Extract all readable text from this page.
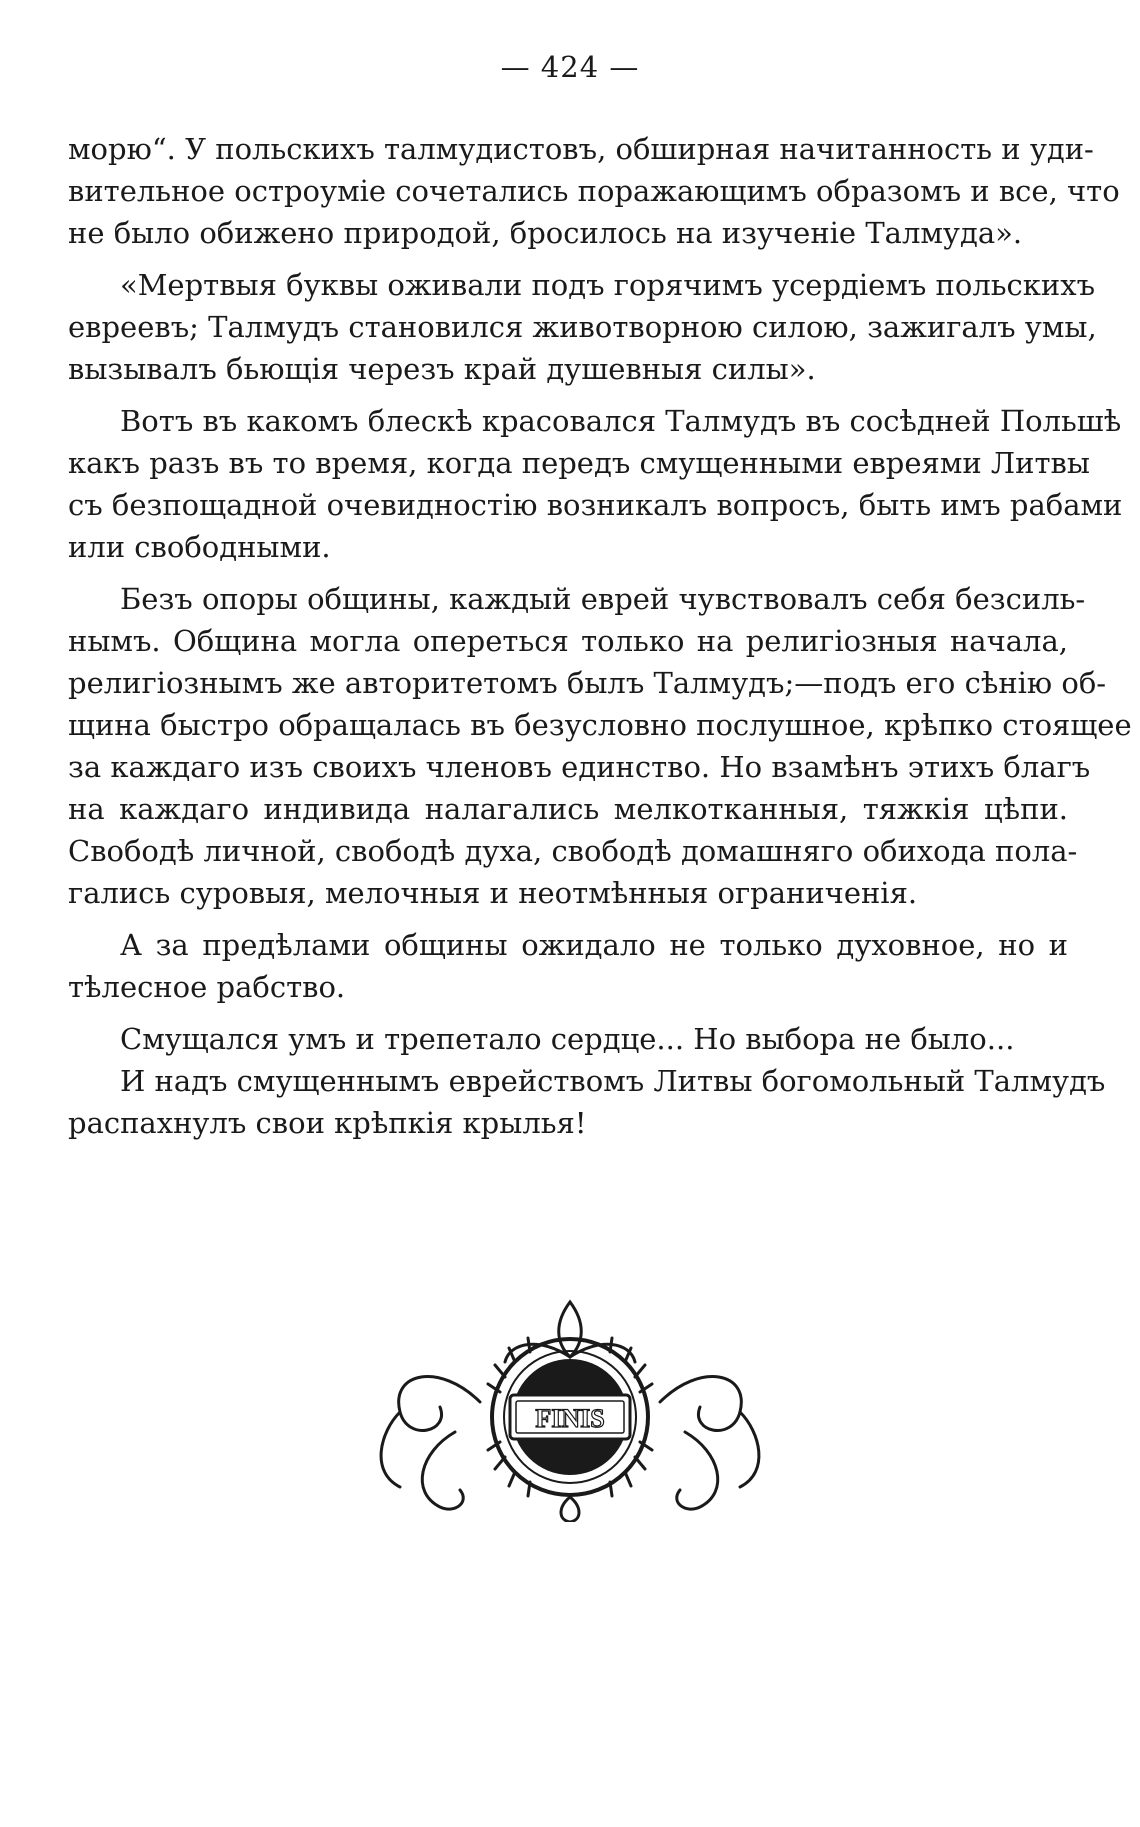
— 424 —
морю“. У польскихъ талмудистовъ, обширная начитанность и уди-
вительное остроуміе сочетались поражающимъ образомъ и все, что
не было обижено природой, бросилось на изученіе Талмуда».
«Мертвыя буквы оживали подъ горячимъ усердіемъ польскихъ
евреевъ; Талмудъ становился животворною силою, зажигалъ умы,
вызывалъ бьющія черезъ край душевныя силы».
Вотъ въ какомъ блескѣ красовался Талмудъ въ сосѣдней Польшѣ
какъ разъ въ то время, когда передъ смущенными евреями Литвы
съ безпощадной очевидностію возникалъ вопросъ, быть имъ рабами
или свободными.
Безъ опоры общины, каждый еврей чувствовалъ себя безсиль-
нымъ. Община могла опереться только на религіозныя начала,
религіознымъ же авторитетомъ былъ Талмудъ;—подъ его сѣнію об-
щина быстро обращалась въ безусловно послушное, крѣпко стоящее
за каждаго изъ своихъ членовъ единство. Но взамѣнъ этихъ благъ
на каждаго индивида налагались мелкотканныя, тяжкія цѣпи.
Свободѣ личной, свободѣ духа, свободѣ домашняго обихода пола-
гались суровыя, мелочныя и неотмѣнныя ограниченія.
А за предѣлами общины ожидало не только духовное, но и
тѣлесное рабство.
Смущался умъ и трепетало сердце... Но выбора не было...
И надъ смущеннымъ еврействомъ Литвы богомольный Талмудъ
распахнулъ свои крѣпкія крылья!
FINIS
